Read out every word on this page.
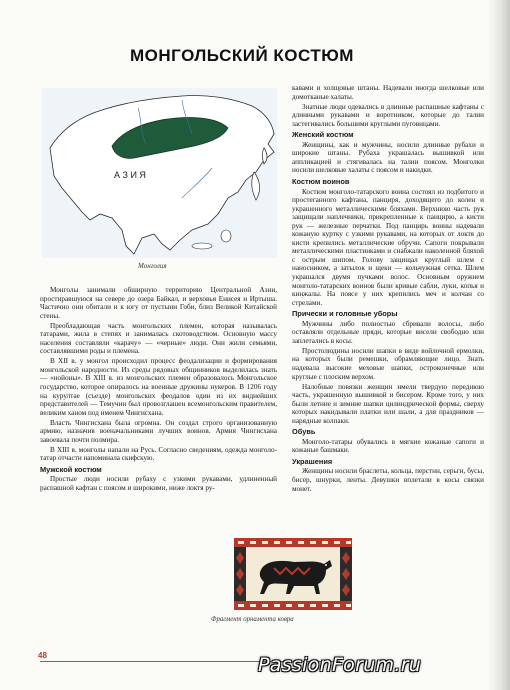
МОНГОЛЬСКИЙ КОСТЮМ
А З И Я
Монголия

Монголы занимали обширную территорию Центральной Азии, простиравшуюся на севере до озера Байкал, и верховья Енисея и Иртыша. Частично они обитали и к югу от пустыни Гоби, близ Великой Китайской стены.

Преобладающая часть монгольских племен, которая называлась татарами, жила в степях и занималась скотоводством. Основную массу населения составляли «карачу» — «черные» люди. Они жили семьями, составлявшими роды и племена.

В XII в. у монгол происходил процесс феодализации и формирования монгольской народности. Из среды рядовых общинников выделилась знать — «нойоны». В XIII в. из монгольских племен образовалось Монгольское государство, которое опиралось на военные дружины нукеров. В 1206 году на курултае (съезде) монгольских феодалов один из их виднейших представителей — Темучин был провозглашен всемонгольским правителем, великим ханом под именем Чингисхана.

Власть Чингисхана была огромна. Он создал строго организованную армию, назначив военачальниками лучших воинов. Армия Чингисхана завоевала почти полмира.

В XIII в. монголы напали на Русь. Согласно сведениям, одежда монголо-татар отчасти напоминала скифскую.

Мужской костюм

Простые люди носили рубаху с узкими рукавами, удлиненный распашной кафтан с поясом и широкими, ниже локтя ру-

кавами и холщовые штаны. Надевали иногда шелковые или домотканые халаты.

Знатные люди одевались в длинные распашные кафтаны с длинными рукавами и воротником, которые до талии застегивались большими круглыми пуговицами.

Женский костюм

Женщины, как и мужчины, носили длинные рубахи и широкие штаны. Рубаха украшалась вышивкой или аппликацией и стягивалась на талии поясом. Монголки носили шелковые халаты с поясом и накидки.

Костюм воинов

Костюм монголо-татарского воина состоял из подбитого и простеганного кафтана, панциря, доходящего до колен и украшенного металлическими бляхами. Верхнюю часть рук защищали наплечники, прикрепленные к панцирю, а кисти рук — железные перчатки. Под панцирь воины надевали кожаную куртку с узкими рукавами, на которых от локтя до кисти крепились металлические обручи. Сапоги покрывали металлическими пластинками и снабжали наколенной бляхой с острым шипом. Голову защищал круглый шлем с наносником, а затылок и щеки — кольчужная сетка. Шлем украшался двумя пучками волос. Основным оружием монголо-татарских воинов были кривые сабли, луки, копья и кинжалы. На поясе у них крепились меч и колчан со стрелами.

Прически и головные уборы

Мужчины либо полностью сбривали волосы, либо оставляли отдельные пряди, которые висели свободно или заплетались в косы.

Простолюдины носили шапки в виде войлочной ермолки, на которых были ремешки, обрамляющие лицо. Знать надевала высокие меховые шапки, остроконечные или круглые с плоским верхом.

Налобные повязки женщин имели твердую переднюю часть, украшенную вышивкой и бисером. Кроме того, у них были летние и зимние шапки цилиндрической формы, сверху которых накидывали платки или шали, а для праздников — нарядные колпаки.

Обувь

Монголо-татары обувались в мягкие кожаные сапоги и кожаные башмаки.

Украшения

Женщины носили браслеты, кольца, перстни, серьги, бусы, бисер, шнурки, ленты. Девушки вплетали в косы связки монет.

Фрагмент орнамента ковра
48	PassionForum.ru
